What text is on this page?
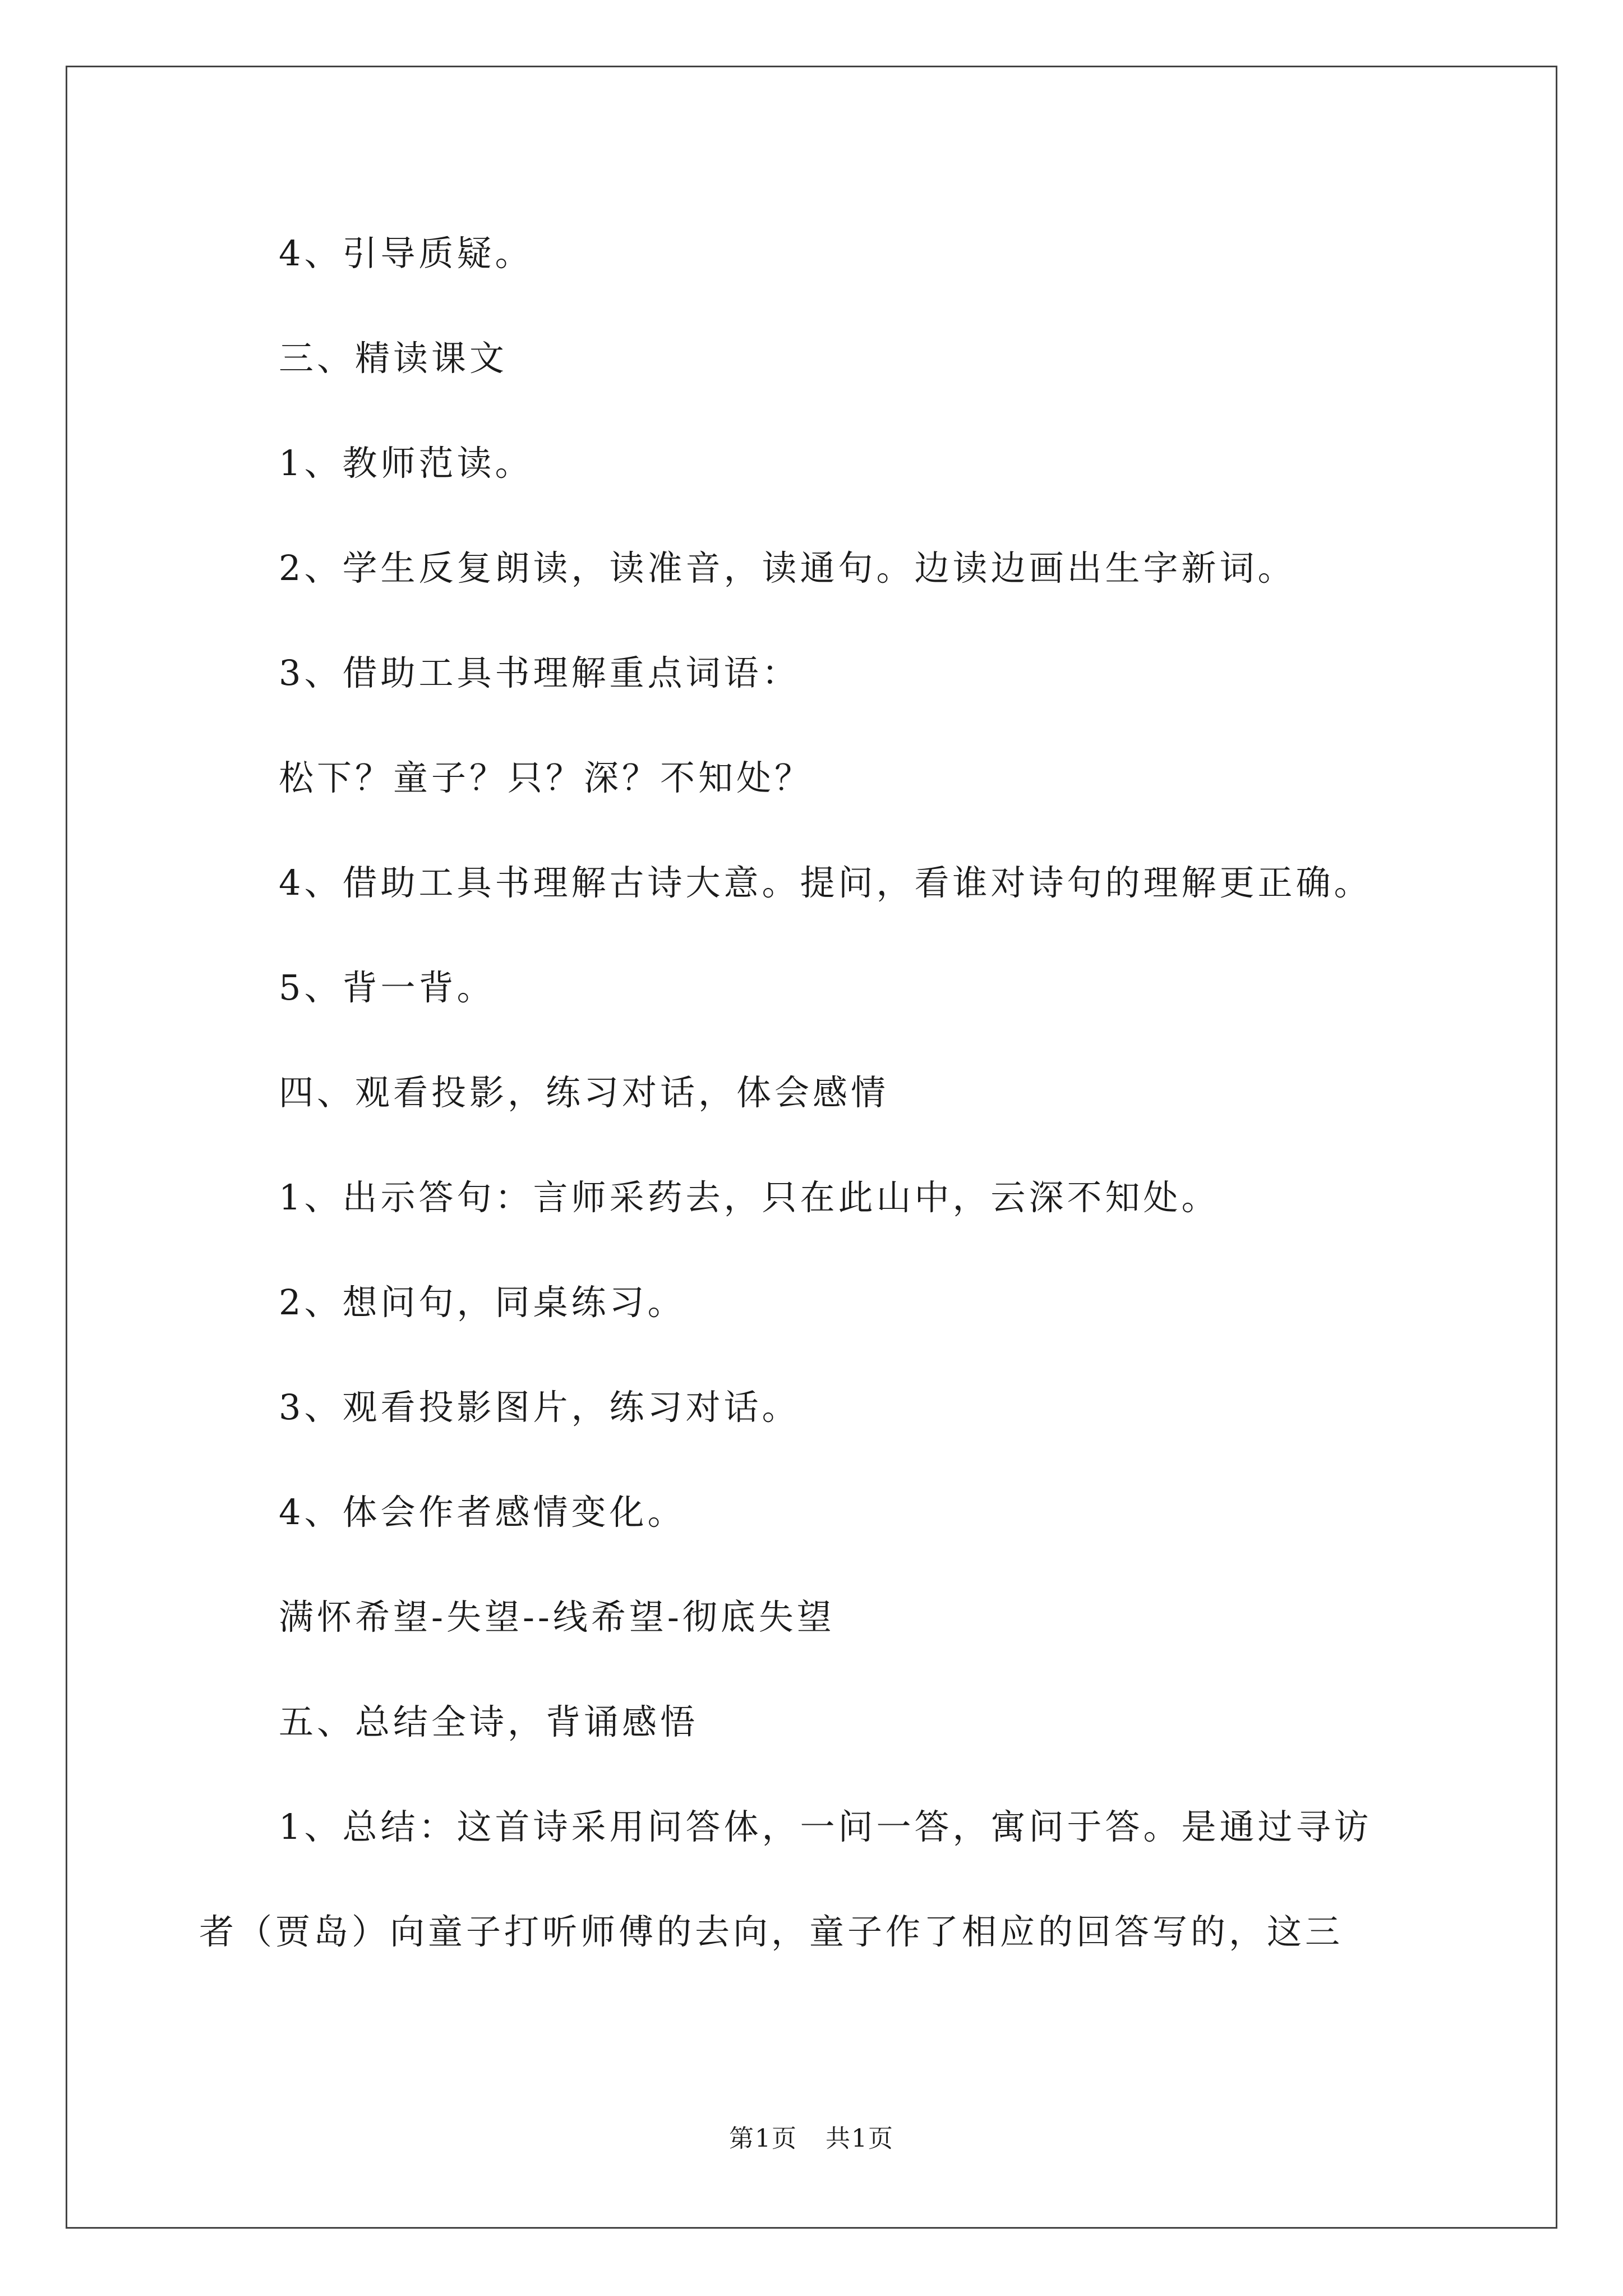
4、引导质疑。
三、精读课文
1、教师范读。
2、学生反复朗读，读准音，读通句。边读边画出生字新词。
3、借助工具书理解重点词语：
松下？童子？只？深？不知处？
4、借助工具书理解古诗大意。提问，看谁对诗句的理解更正确。
5、背一背。
四、观看投影，练习对话，体会感情
1、出示答句：言师采药去，只在此山中，云深不知处。
2、想问句，同桌练习。
3、观看投影图片，练习对话。
4、体会作者感情变化。
满怀希望-失望--线希望-彻底失望
五、总结全诗，背诵感悟
1、总结：这首诗采用问答体，一问一答，寓问于答。是通过寻访
者（贾岛）向童子打听师傅的去向，童子作了相应的回答写的，这三
第1页 共1页
